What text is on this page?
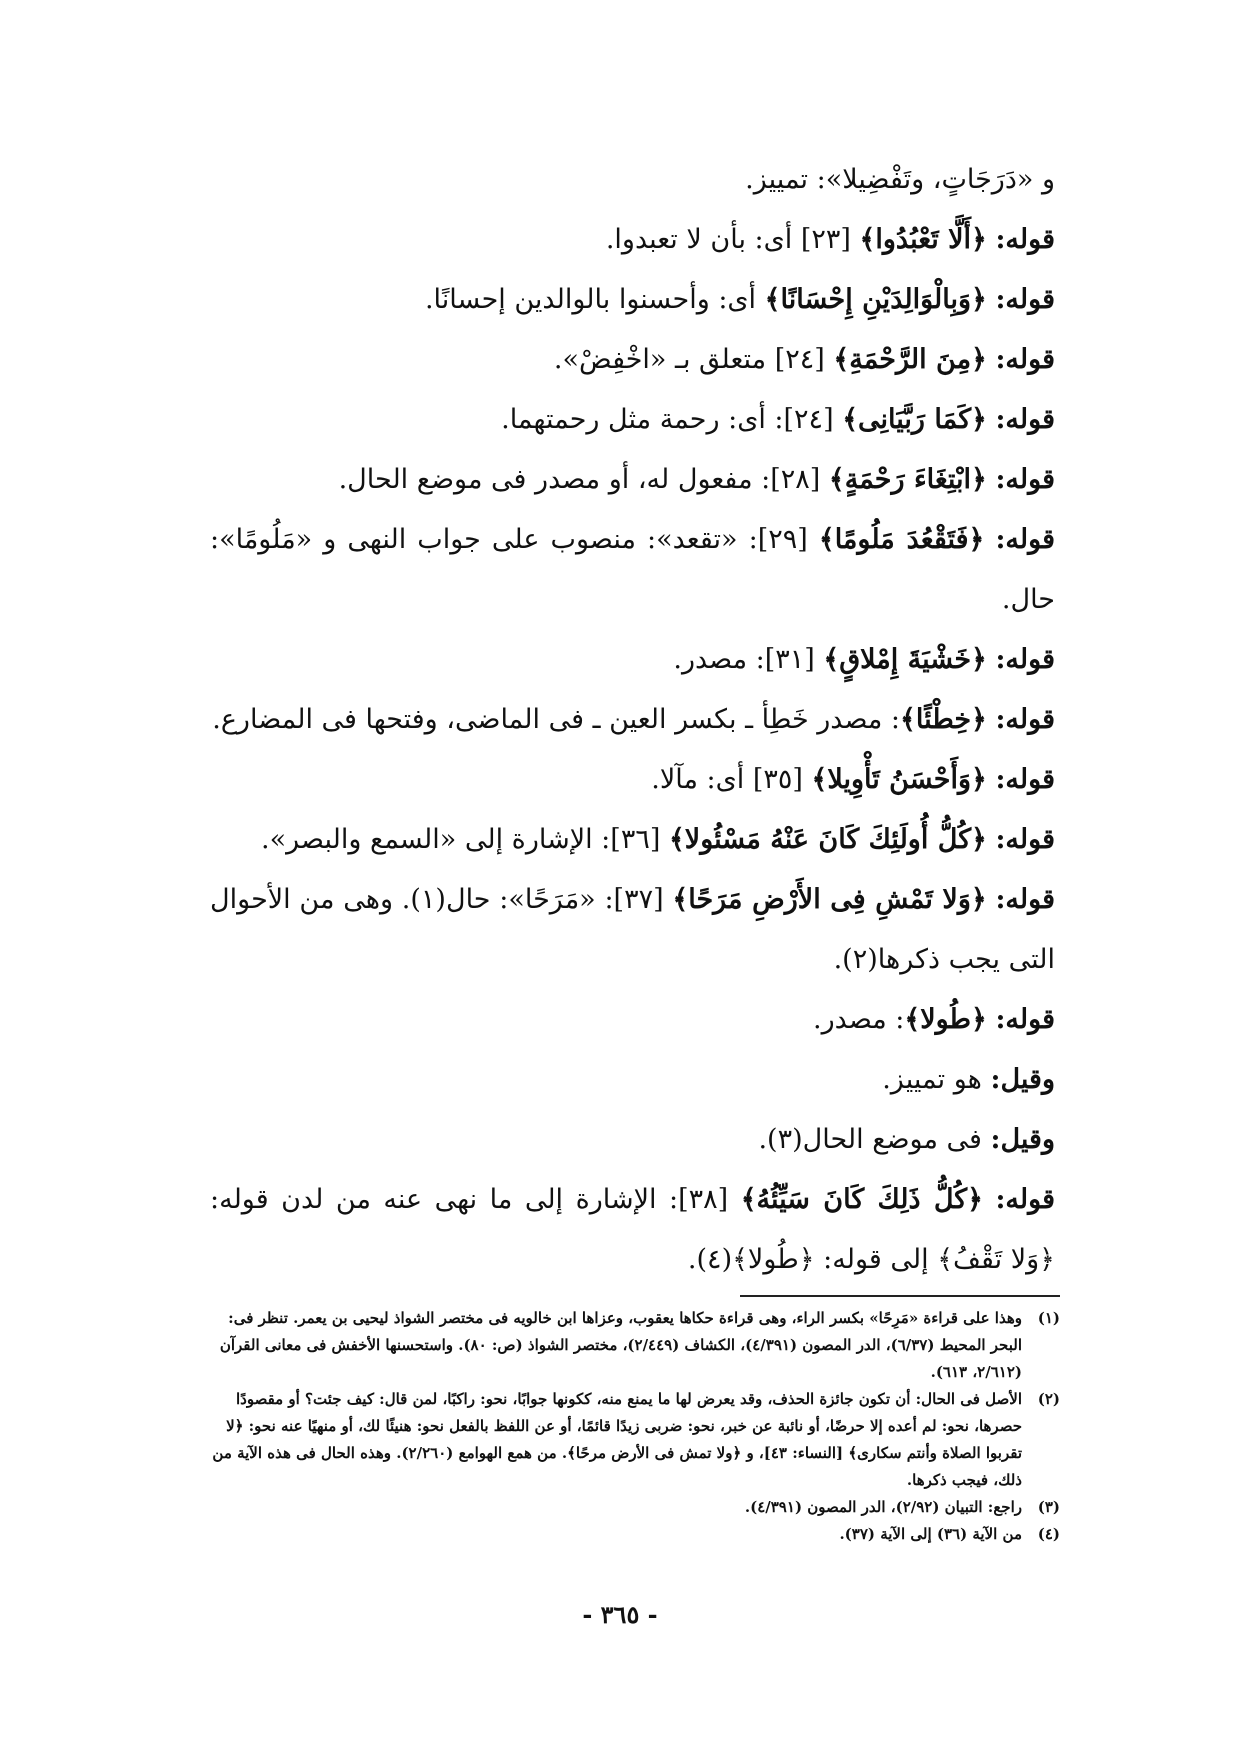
و «دَرَجَاتٍ، وتَفْضِيلا»: تمييز.
قوله: ﴿أَلَّا تَعْبُدُوا﴾ [٢٣] أى: بأن لا تعبدوا.
قوله: ﴿وَبِالْوَالِدَيْنِ إِحْسَانًا﴾ أى: وأحسنوا بالوالدين إحسانًا.
قوله: ﴿مِنَ الرَّحْمَةِ﴾ [٢٤] متعلق بـ «اخْفِضْ».
قوله: ﴿كَمَا رَبَّيَانِى﴾ [٢٤]: أى: رحمة مثل رحمتهما.
قوله: ﴿ابْتِغَاءَ رَحْمَةٍ﴾ [٢٨]: مفعول له، أو مصدر فى موضع الحال.
قوله: ﴿فَتَقْعُدَ مَلُومًا﴾ [٢٩]: «تقعد»: منصوب على جواب النهى و «مَلُومًا»: حال.
قوله: ﴿خَشْيَةَ إِمْلاقٍ﴾ [٣١]: مصدر.
قوله: ﴿خِطْئًا﴾: مصدر خَطِأ ـ بكسر العين ـ فى الماضى، وفتحها فى المضارع.
قوله: ﴿وَأَحْسَنُ تَأْوِيلا﴾ [٣٥] أى: مآلا.
قوله: ﴿كُلُّ أُولَئِكَ كَانَ عَنْهُ مَسْئُولا﴾ [٣٦]: الإشارة إلى «السمع والبصر».
قوله: ﴿وَلا تَمْشِ فِى الأَرْضِ مَرَحًا﴾ [٣٧]: «مَرَحًا»: حال(١). وهى من الأحوال التى يجب ذكرها(٢).
قوله: ﴿طُولا﴾: مصدر.
وقيل: هو تمييز.
وقيل: فى موضع الحال(٣).
قوله: ﴿كُلُّ ذَلِكَ كَانَ سَيِّئُهُ﴾ [٣٨]: الإشارة إلى ما نهى عنه من لدن قوله: ﴿وَلا تَقْفُ﴾ إلى قوله: ﴿طُولا﴾(٤).
(١)
وهذا على قراءة «مَرِحًا» بكسر الراء، وهى قراءة حكاها يعقوب، وعزاها ابن خالويه فى مختصر الشواذ ليحيى بن يعمر. تنظر فى: البحر المحيط (٦/٣٧)، الدر المصون (٤/٣٩١)، الكشاف (٢/٤٤٩)، مختصر الشواذ (ص: ٨٠). واستحسنها الأخفش فى معانى القرآن (٢/٦١٢، ٦١٣).
(٢)
الأصل فى الحال: أن تكون جائزة الحذف، وقد يعرض لها ما يمنع منه، ككونها جوابًا، نحو: راكبًا، لمن قال: كيف جئت؟ أو مقصودًا حصرها، نحو: لم أعده إلا حرضًا، أو نائبة عن خبر، نحو: ضربى زيدًا قائمًا، أو عن اللفظ بالفعل نحو: هنيئًا لك، أو منهيًا عنه نحو: ﴿لا تقربوا الصلاة وأنتم سكارى﴾ [النساء: ٤٣]، و ﴿ولا تمش فى الأرض مرحًا﴾. من همع الهوامع (٢/٢٦٠). وهذه الحال فى هذه الآية من ذلك، فيجب ذكرها.
(٣)
راجع: التبيان (٢/٩٢)، الدر المصون (٤/٣٩١).
(٤)
من الآية (٣٦) إلى الآية (٣٧).
- ٣٦٥ -
